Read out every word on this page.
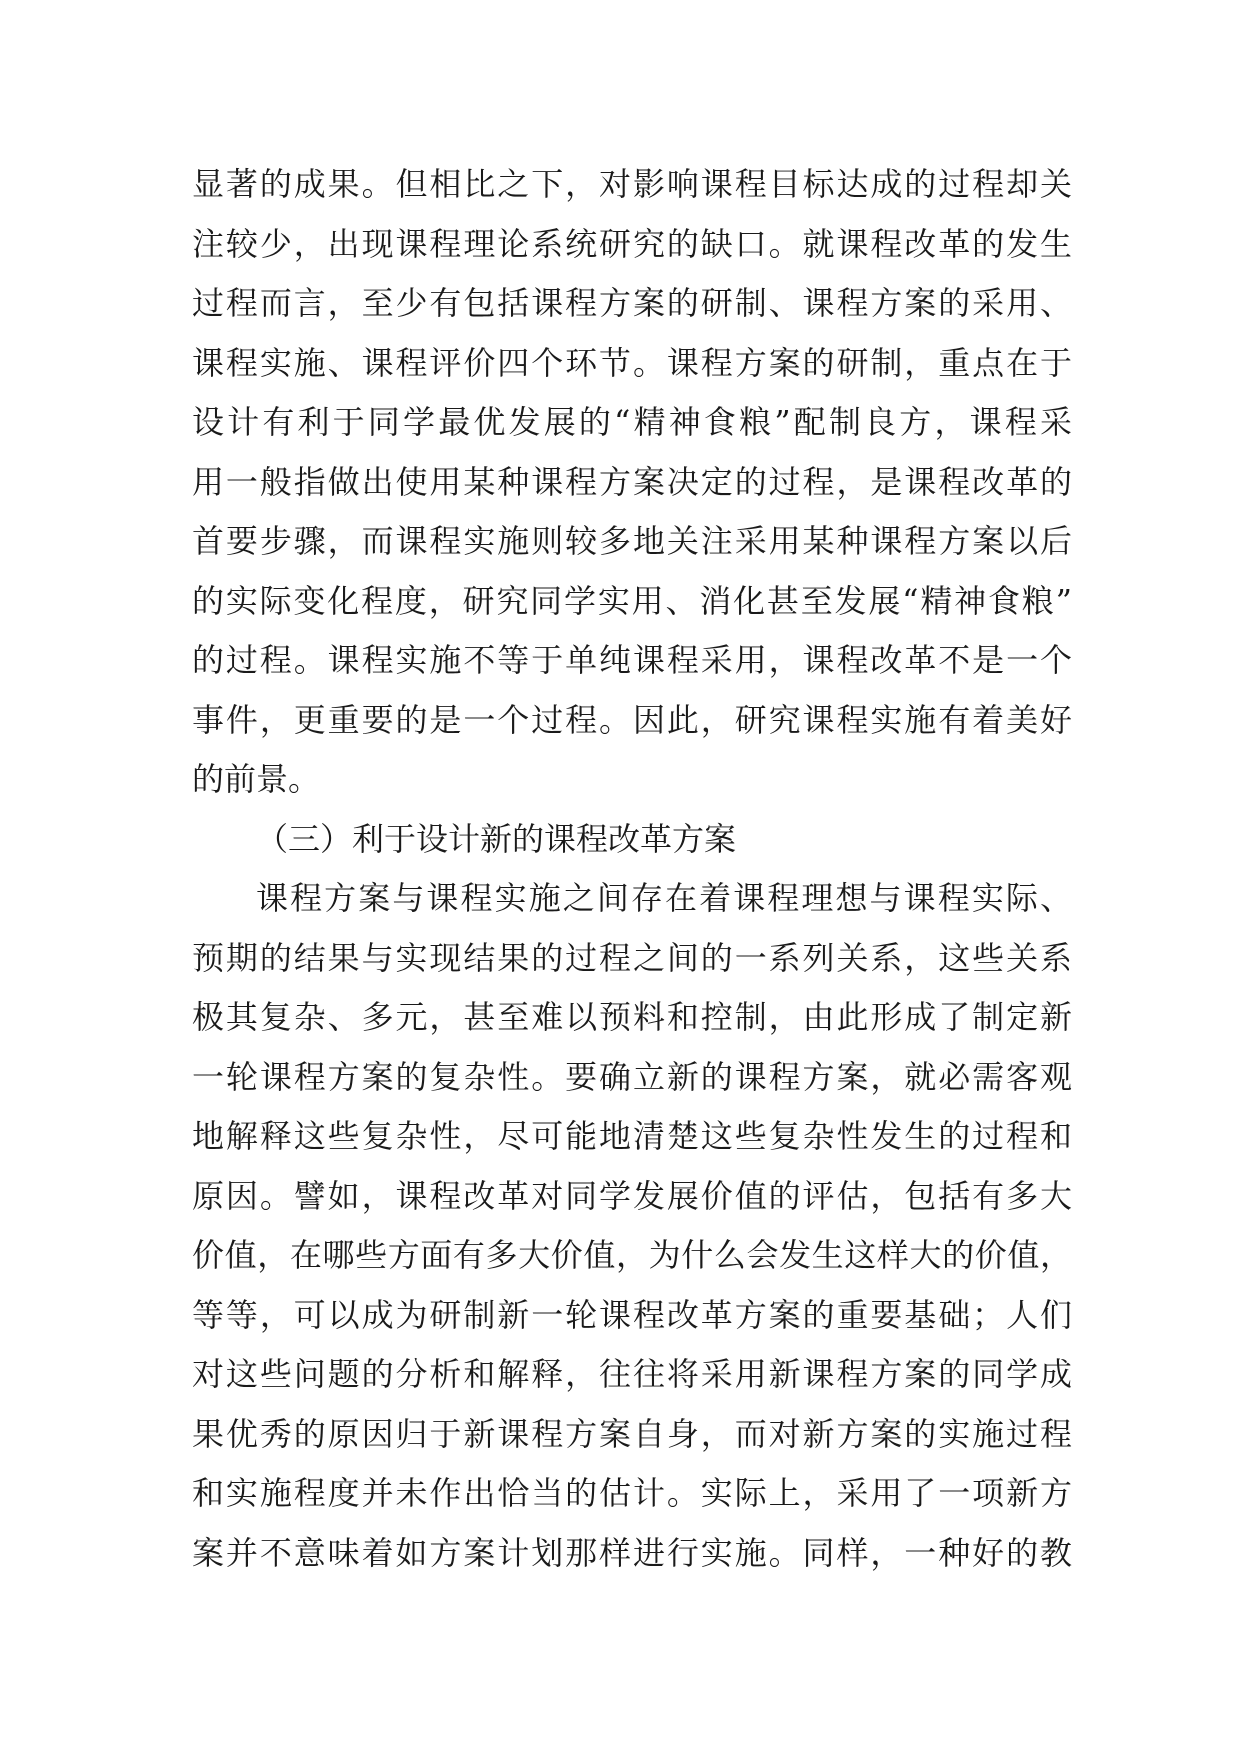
显著的成果。但相比之下，对影响课程目标达成的过程却关
注较少，出现课程理论系统研究的缺口。就课程改革的发生
过程而言，至少有包括课程方案的研制、课程方案的采用、
课程实施、课程评价四个环节。课程方案的研制，重点在于
设计有利于同学最优发展的“精神食粮”配制良方，课程采
用一般指做出使用某种课程方案决定的过程，是课程改革的
首要步骤，而课程实施则较多地关注采用某种课程方案以后
的实际变化程度，研究同学实用、消化甚至发展“精神食粮”
的过程。课程实施不等于单纯课程采用，课程改革不是一个
事件，更重要的是一个过程。因此，研究课程实施有着美好
的前景。
（三）利于设计新的课程改革方案
课程方案与课程实施之间存在着课程理想与课程实际、
预期的结果与实现结果的过程之间的一系列关系，这些关系
极其复杂、多元，甚至难以预料和控制，由此形成了制定新
一轮课程方案的复杂性。要确立新的课程方案，就必需客观
地解释这些复杂性，尽可能地清楚这些复杂性发生的过程和
原因。譬如，课程改革对同学发展价值的评估，包括有多大
价值，在哪些方面有多大价值，为什么会发生这样大的价值，
等等，可以成为研制新一轮课程改革方案的重要基础；人们
对这些问题的分析和解释，往往将采用新课程方案的同学成
果优秀的原因归于新课程方案自身，而对新方案的实施过程
和实施程度并未作出恰当的估计。实际上，采用了一项新方
案并不意味着如方案计划那样进行实施。同样，一种好的教
